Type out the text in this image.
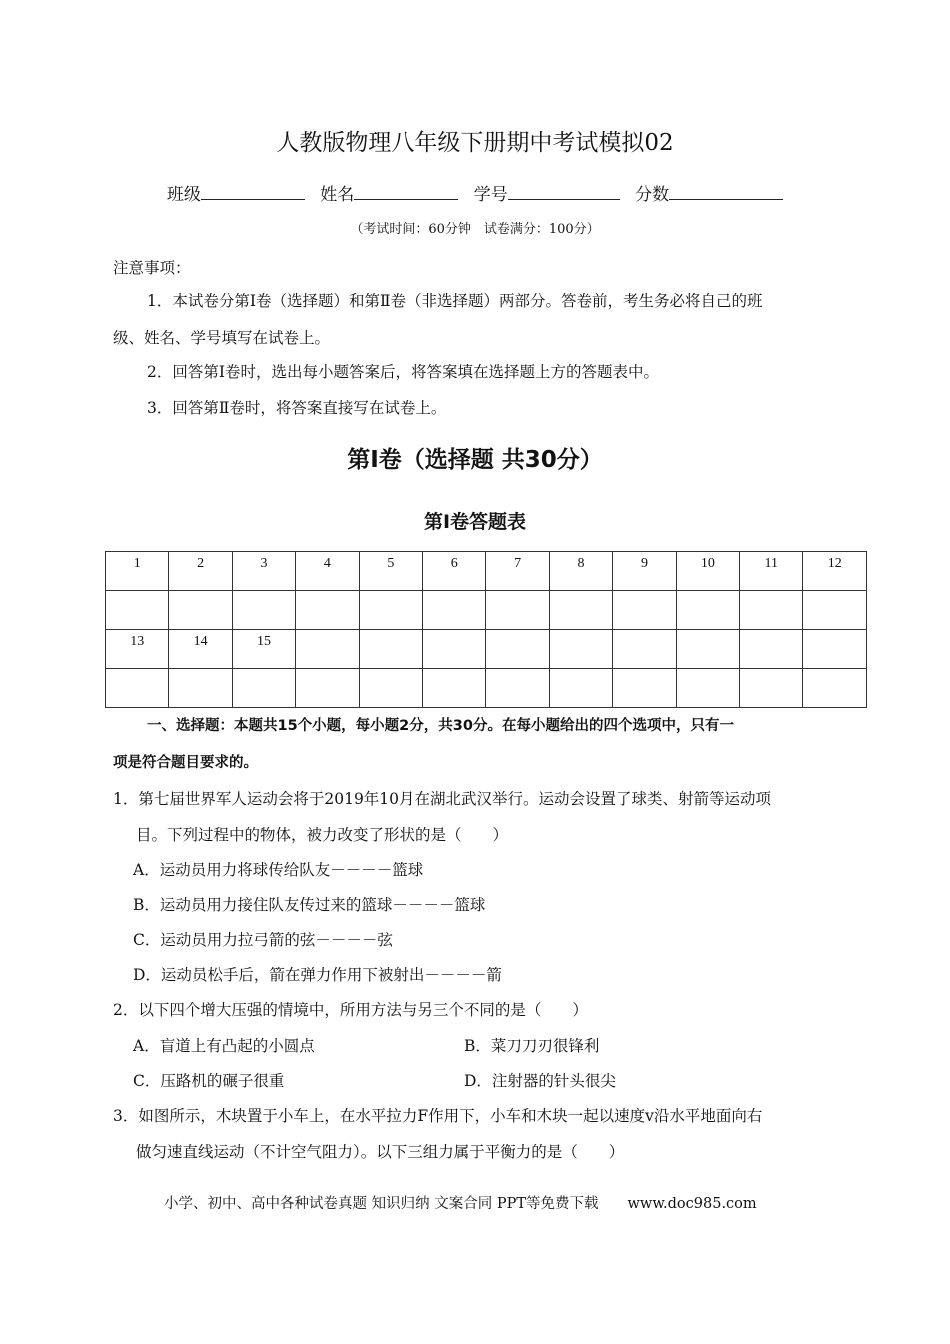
人教版物理八年级下册期中考试模拟02
班级	姓名	学号	分数
（考试时间：60分钟　试卷满分：100分）
注意事项：
1．本试卷分第Ⅰ卷（选择题）和第Ⅱ卷（非选择题）两部分。答卷前，考生务必将自己的班
级、姓名、学号填写在试卷上。
2．回答第Ⅰ卷时，选出每小题答案后，将答案填在选择题上方的答题表中。
3．回答第Ⅱ卷时，将答案直接写在试卷上。
第Ⅰ卷（选择题 共30分）
第Ⅰ卷答题表
1	2	3	4	5	6	7	8	9	10	11	12

13	14	15									

一、选择题：本题共15个小题，每小题2分，共30分。在每小题给出的四个选项中，只有一
项是符合题目要求的。
1．第七届世界军人运动会将于2019年10月在湖北武汉举行。运动会设置了球类、射箭等运动项
目。下列过程中的物体，被力改变了形状的是（　　）
A．运动员用力将球传给队友－－－－篮球
B．运动员用力接住队友传过来的篮球－－－－篮球
C．运动员用力拉弓箭的弦－－－－弦
D．运动员松手后，箭在弹力作用下被射出－－－－箭
2．以下四个增大压强的情境中，所用方法与另三个不同的是（　　）
A．盲道上有凸起的小圆点	B．菜刀刀刃很锋利
C．压路机的碾子很重	D．注射器的针头很尖
3．如图所示，木块置于小车上，在水平拉力F作用下，小车和木块一起以速度v沿水平地面向右
做匀速直线运动（不计空气阻力）。以下三组力属于平衡力的是（　　）
小学、初中、高中各种试卷真题 知识归纳 文案合同 PPT等免费下载　　www.doc985.com
